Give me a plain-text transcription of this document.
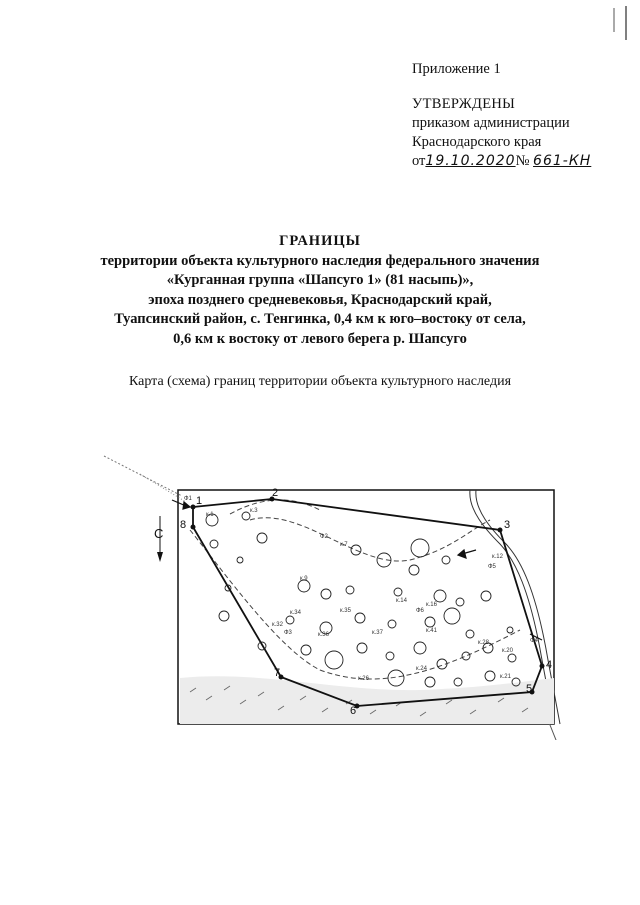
Приложение 1
УТВЕРЖДЕНЫ
приказом администрации
Краснодарского края
от19.10.2020№ 661-КН
ГРАНИЦЫ
территории объекта культурного наследия федерального значения
«Курганная группа «Шапсуго 1» (81 насыпь)»,
эпоха позднего средневековья, Краснодарский край,
Туапсинский район, с. Тенгинка, 0,4 км к юго–востоку от села,
0,6 км к востоку от левого берега р. Шапсуго
Карта (схема) границ территории объекта культурного наследия
1
2
3
4
5
6
7
8
Ф1
Ф2
Ф3
Ф4
Ф5
Ф6
С
к.1
к.3
к.7
к.9
к.12
к.14
к.16
к.20
к.21
к.24
к.26
к.28
к.32
к.34	к.35
к.36	к.37	к.41
